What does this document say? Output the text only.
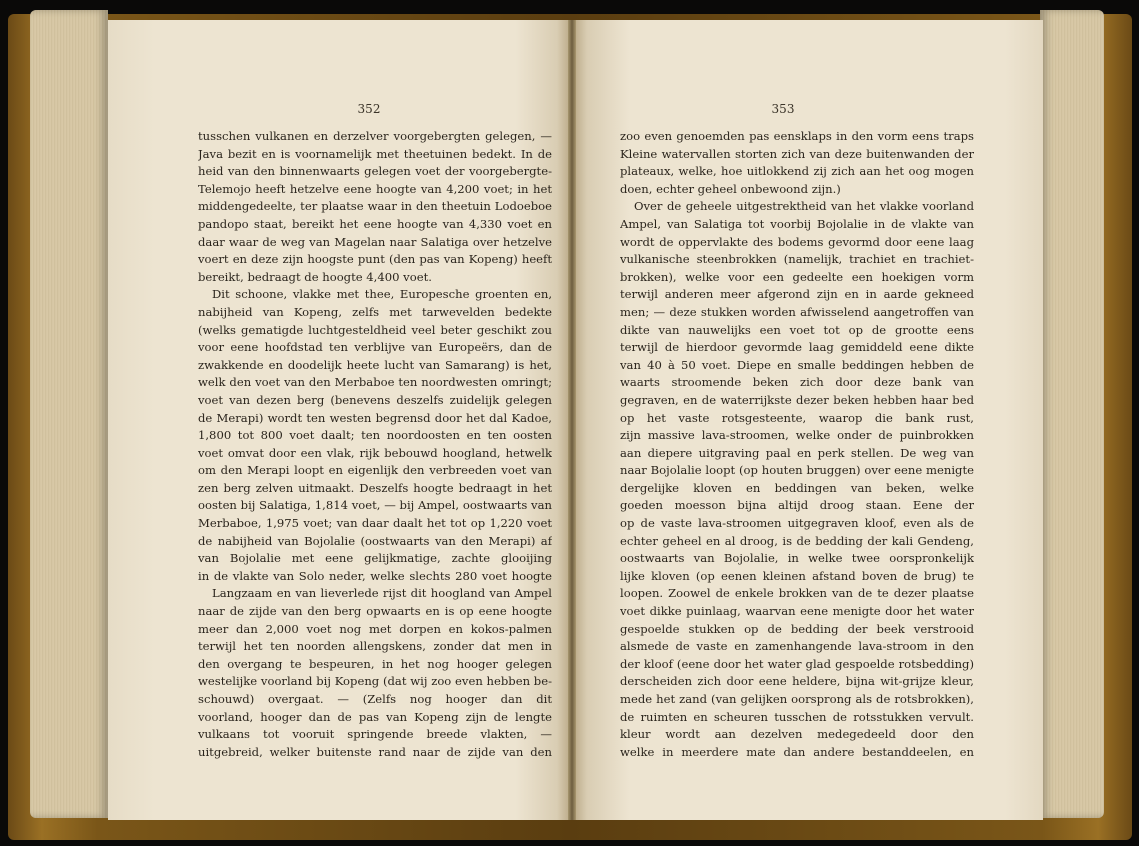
352
tusschen vulkanen en derzelver voorgebergten gelegen, —
Java bezit en is voornamelijk met theetuinen bedekt. In de
heid van den binnenwaarts gelegen voet der voorgebergte-
Telemojo heeft hetzelve eene hoogte van 4,200 voet; in het
middengedeelte, ter plaatse waar in den theetuin Lodoeboe
pandopo staat, bereikt het eene hoogte van 4,330 voet en
daar waar de weg van Magelan naar Salatiga over hetzelve
voert en deze zijn hoogste punt (den pas van Kopeng) heeft
bereikt, bedraagt de hoogte 4,400 voet.
Dit schoone, vlakke met thee, Europesche groenten en,
nabijheid van Kopeng, zelfs met tarwevelden bedekte
(welks gematigde luchtgesteldheid veel beter geschikt zou
voor eene hoofdstad ten verblijve van Europeërs, dan de
zwakkende en doodelijk heete lucht van Samarang) is het,
welk den voet van den Merbaboe ten noordwesten omringt;
voet van dezen berg (benevens deszelfs zuidelijk gelegen
de Merapi) wordt ten westen begrensd door het dal Kadoe,
1,800 tot 800 voet daalt; ten noordoosten en ten oosten
voet omvat door een vlak, rijk bebouwd hoogland, hetwelk
om den Merapi loopt en eigenlijk den verbreeden voet van
zen berg zelven uitmaakt. Deszelfs hoogte bedraagt in het
oosten bij Salatiga, 1,814 voet, — bij Ampel, oostwaarts van
Merbaboe, 1,975 voet; van daar daalt het tot op 1,220 voet
de nabijheid van Bojolalie (oostwaarts van den Merapi) af
van Bojolalie met eene gelijkmatige, zachte glooijing
in de vlakte van Solo neder, welke slechts 280 voet hoogte
Langzaam en van lieverlede rijst dit hoogland van Ampel
naar de zijde van den berg opwaarts en is op eene hoogte
meer dan 2,000 voet nog met dorpen en kokos-palmen
terwijl het ten noorden allengskens, zonder dat men in
den overgang te bespeuren, in het nog hooger gelegen
westelijke voorland bij Kopeng (dat wij zoo even hebben be-
schouwd) overgaat. — (Zelfs nog hooger dan dit
voorland, hooger dan de pas van Kopeng zijn de lengte
vulkaans tot vooruit springende breede vlakten, —
uitgebreid, welker buitenste rand naar de zijde van den
353
zoo even genoemden pas eensklaps in den vorm eens traps
Kleine watervallen storten zich van deze buitenwanden der
plateaux, welke, hoe uitlokkend zij zich aan het oog mogen
doen, echter geheel onbewoond zijn.)
Over de geheele uitgestrektheid van het vlakke voorland
Ampel, van Salatiga tot voorbij Bojolalie in de vlakte van
wordt de oppervlakte des bodems gevormd door eene laag
vulkanische steenbrokken (namelijk, trachiet en trachiet-
brokken), welke voor een gedeelte een hoekigen vorm
terwijl anderen meer afgerond zijn en in aarde gekneed
men; — deze stukken worden afwisselend aangetroffen van
dikte van nauwelijks een voet tot op de grootte eens
terwijl de hierdoor gevormde laag gemiddeld eene dikte
van 40 à 50 voet. Diepe en smalle beddingen hebben de
waarts stroomende beken zich door deze bank van
gegraven, en de waterrijkste dezer beken hebben haar bed
op het vaste rotsgesteente, waarop die bank rust,
zijn massive lava-stroomen, welke onder de puinbrokken
aan diepere uitgraving paal en perk stellen. De weg van
naar Bojolalie loopt (op houten bruggen) over eene menigte
dergelijke kloven en beddingen van beken, welke
goeden moesson bijna altijd droog staan. Eene der
op de vaste lava-stroomen uitgegraven kloof, even als de
echter geheel en al droog, is de bedding der kali Gendeng,
oostwaarts van Bojolalie, in welke twee oorspronkelijk
lijke kloven (op eenen kleinen afstand boven de brug) te
loopen. Zoowel de enkele brokken van de te dezer plaatse
voet dikke puinlaag, waarvan eene menigte door het water
gespoelde stukken op de bedding der beek verstrooid
alsmede de vaste en zamenhangende lava-stroom in den
der kloof (eene door het water glad gespoelde rotsbedding)
derscheiden zich door eene heldere, bijna wit-grijze kleur,
mede het zand (van gelijken oorsprong als de rotsbrokken),
de ruimten en scheuren tusschen de rotsstukken vervult.
kleur wordt aan dezelven medegedeeld door den
welke in meerdere mate dan andere bestanddeelen, en
